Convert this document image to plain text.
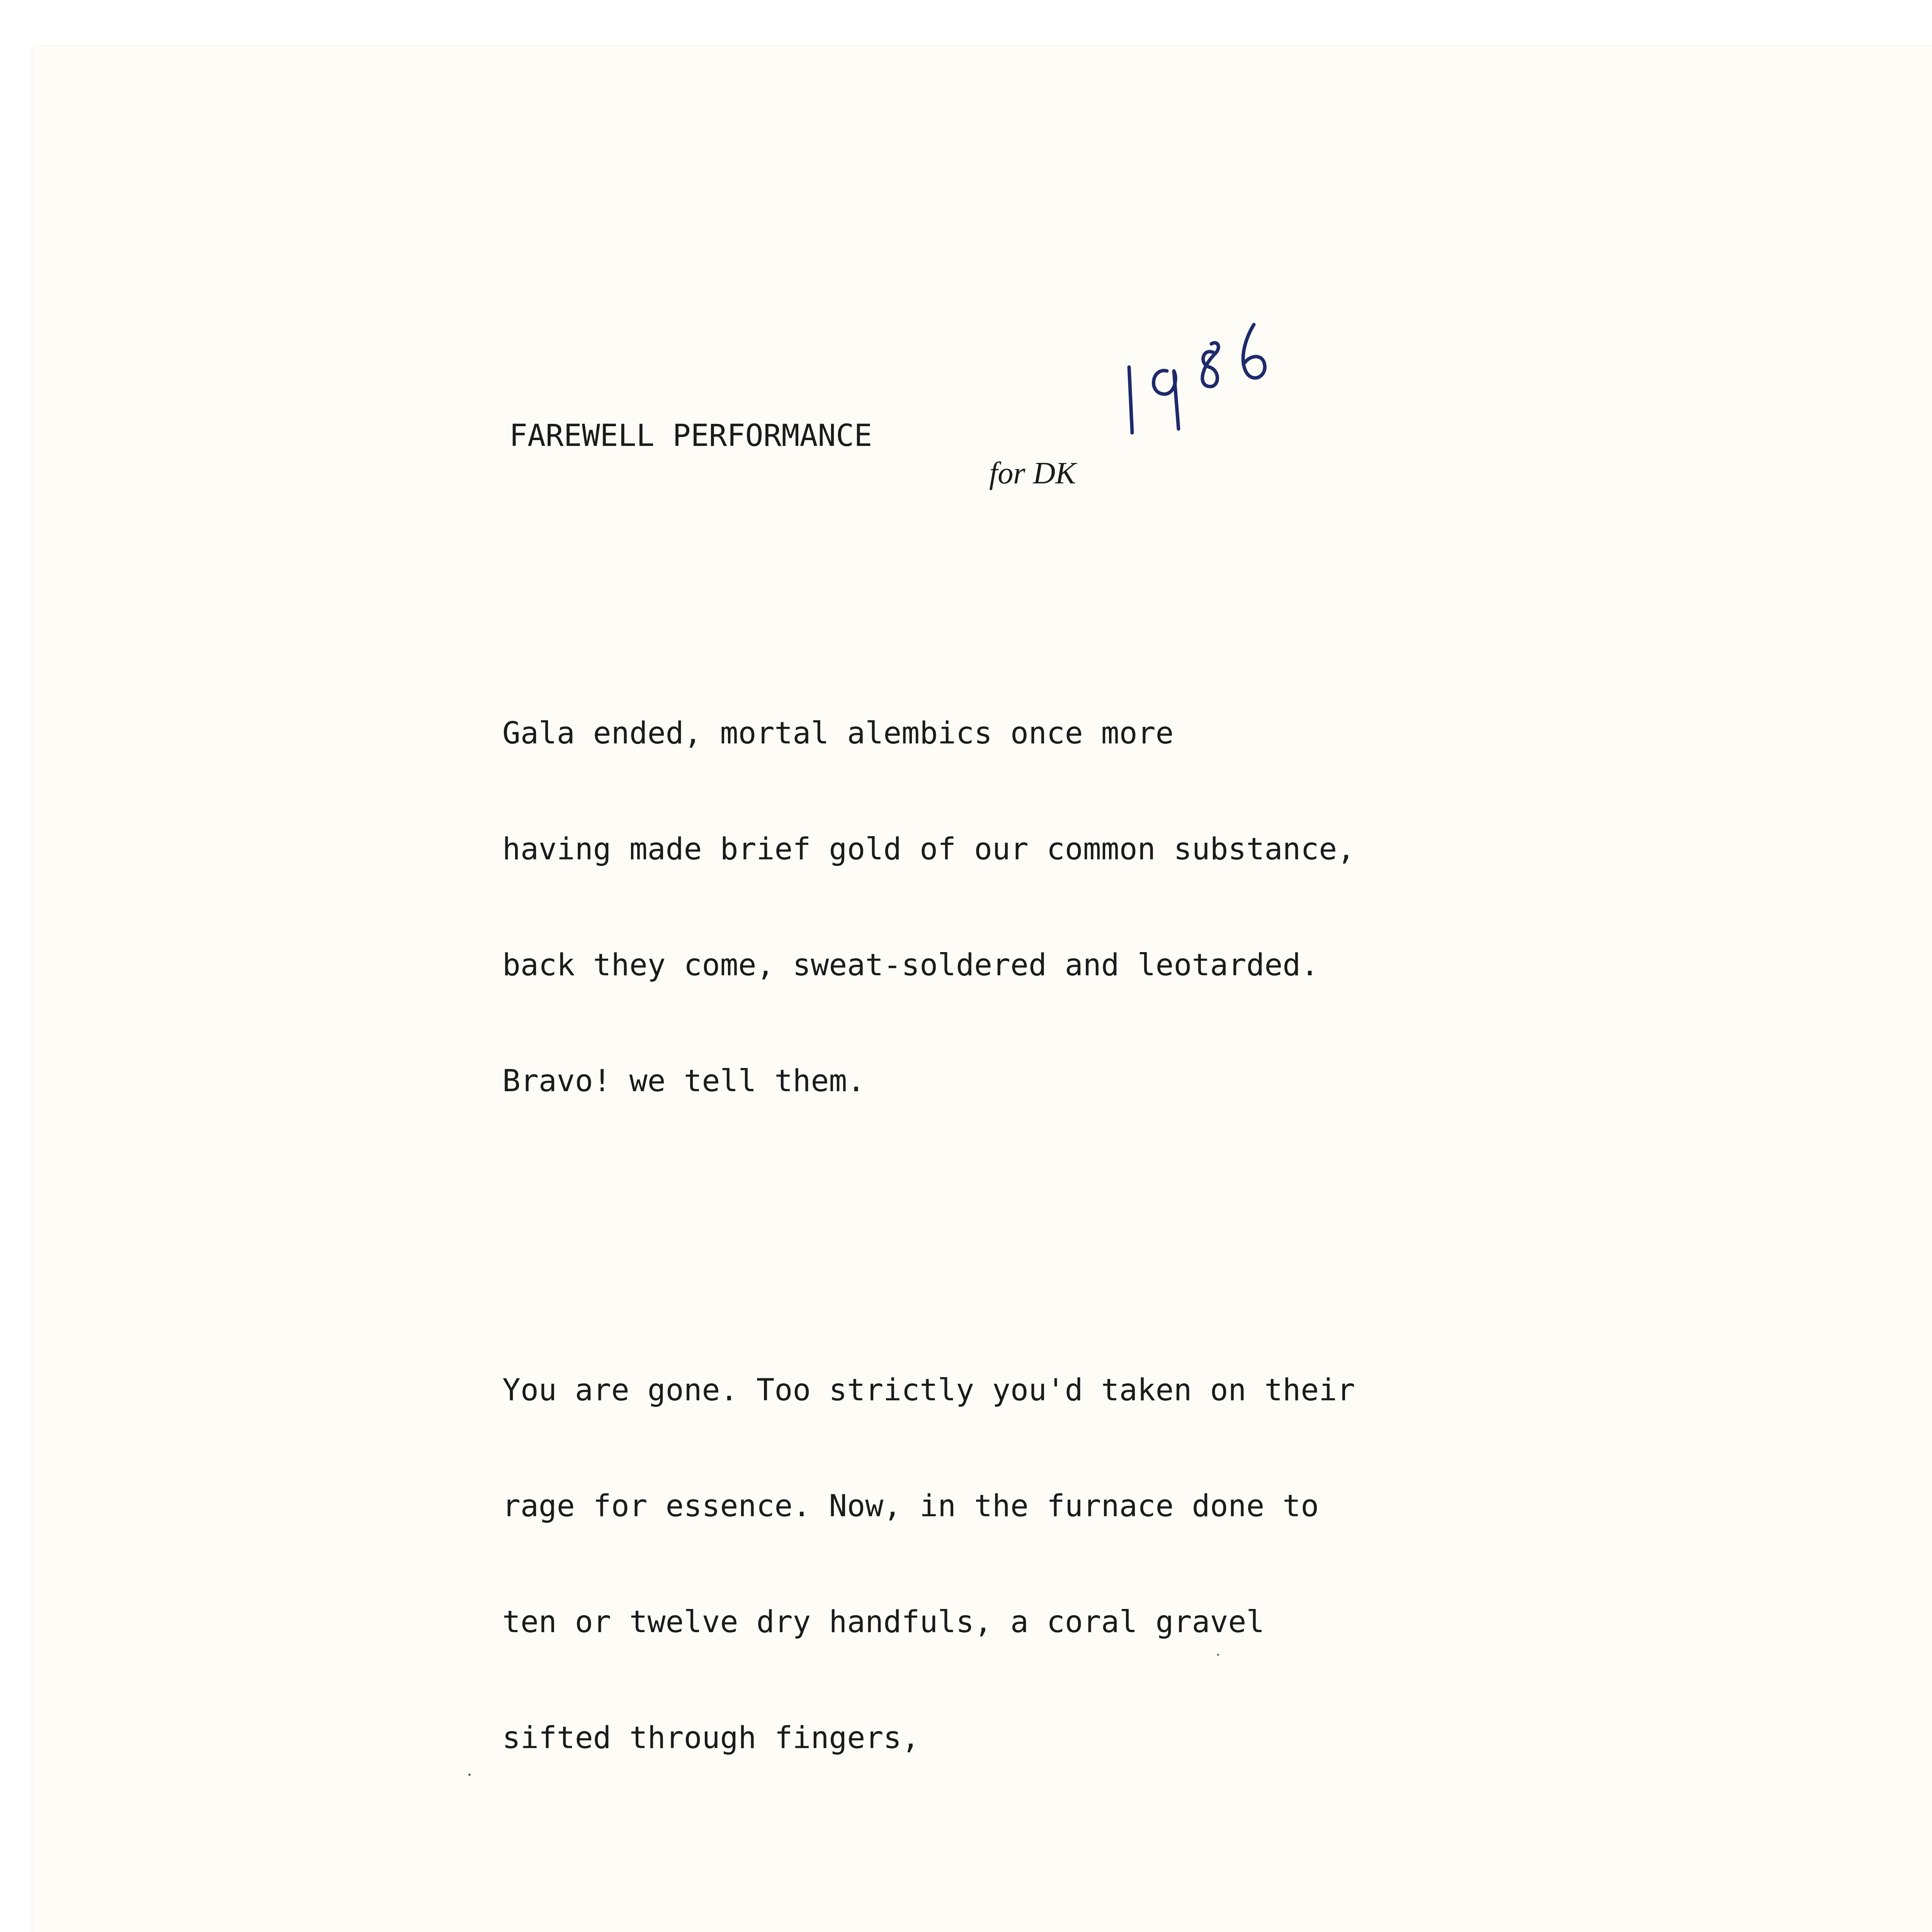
FAREWELL PERFORMANCE
for DK

Gala ended, mortal alembics once more

having made brief gold of our common substance,

back they come, sweat-soldered and leotarded.

Bravo! we tell them.

You are gone. Too strictly you'd taken on their

rage for essence. Now, in the furnace done to

ten or twelve dry handfuls, a coral gravel

sifted through fingers,
